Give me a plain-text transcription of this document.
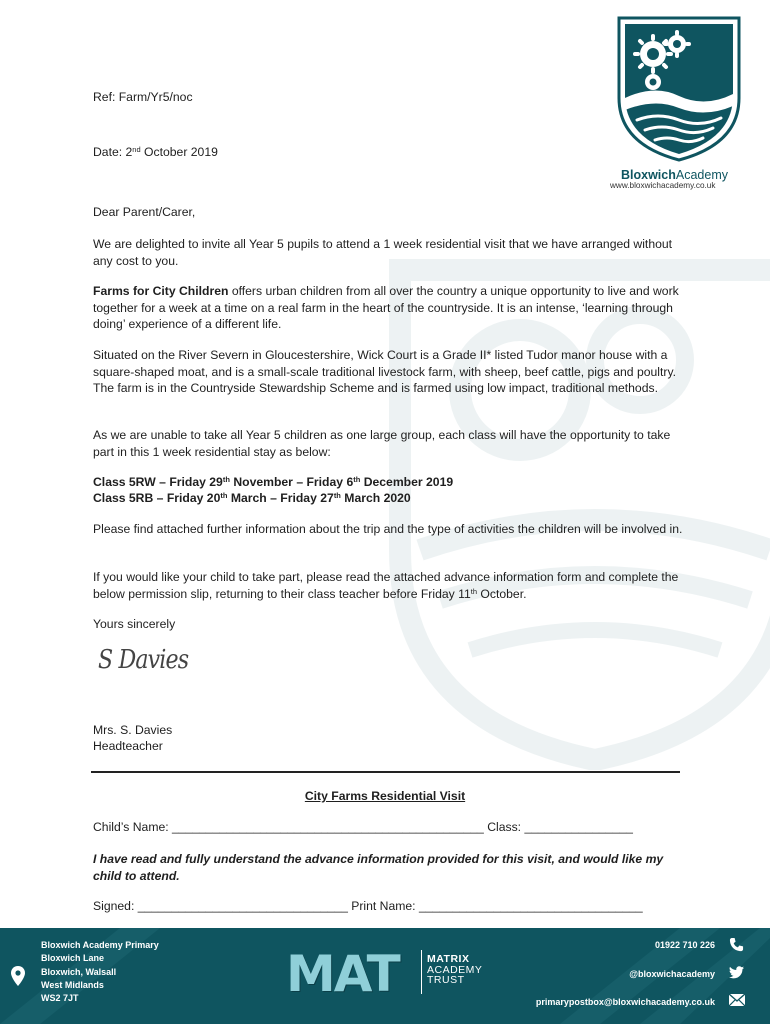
BloxwichAcademy
www.bloxwichacademy.co.uk
Ref: Farm/Yr5/noc
Date: 2nd October 2019
Dear Parent/Carer,
We are delighted to invite all Year 5 pupils to attend a 1 week residential visit that we have arranged without any cost to you.
Farms for City Children offers urban children from all over the country a unique opportunity to live and work together for a week at a time on a real farm in the heart of the countryside. It is an intense, ‘learning through doing’ experience of a different life.
Situated on the River Severn in Gloucestershire, Wick Court is a Grade II* listed Tudor manor house with a square-shaped moat, and is a small-scale traditional livestock farm, with sheep, beef cattle, pigs and poultry. The farm is in the Countryside Stewardship Scheme and is farmed using low impact, traditional methods.
As we are unable to take all Year 5 children as one large group, each class will have the opportunity to take part in this 1 week residential stay as below:
Class 5RW – Friday 29th November – Friday 6th December 2019
Class 5RB – Friday 20th March – Friday 27th March 2020
Please find attached further information about the trip and the type of activities the children will be involved in.
If you would like your child to take part, please read the attached advance information form and complete the below permission slip, returning to their class teacher before Friday 11th October.
Yours sincerely
S Davies
Mrs. S. Davies
Headteacher
City Farms Residential Visit
Child’s Name: ______________________________________________ Class: ________________
I have read and fully understand the advance information provided for this visit, and would like my child to attend.
Signed: _______________________________ Print Name: _________________________________
Bloxwich Academy Primary
Bloxwich Lane
Bloxwich, Walsall
West Midlands
WS2 7JT	MAT	MATRIX
ACADEMY
TRUST
01922 710 226
@bloxwichacademy
primarypostbox@bloxwichacademy.co.uk
